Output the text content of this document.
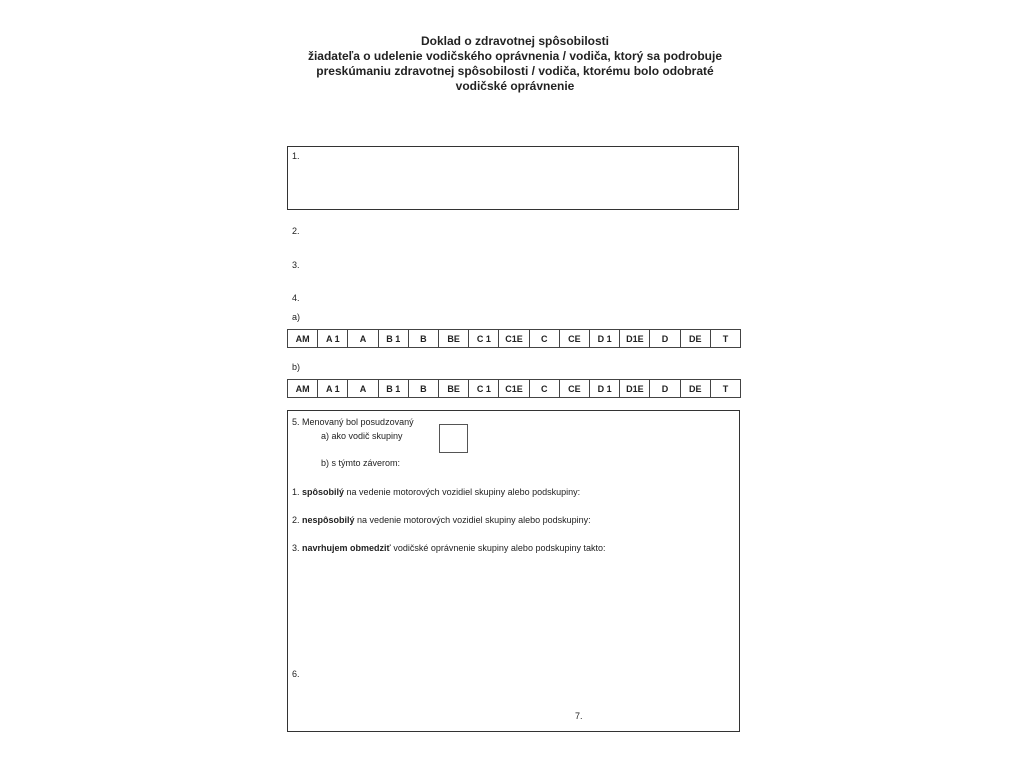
Doklad o zdravotnej spôsobilosti
žiadateľa o udelenie vodičského oprávnenia / vodiča, ktorý sa podrobuje
preskúmaniu zdravotnej spôsobilosti / vodiča, ktorému bolo odobraté
vodičské oprávnenie
1.
2.
3.
4.
a)
AM	A 1	A	B 1	B	BE	C 1	C1E	C	CE	D 1	D1E	D	DE	T
b)
AM	A 1	A	B 1	B	BE	C 1	C1E	C	CE	D 1	D1E	D	DE	T
5. Menovaný bol posudzovaný
a) ako vodič skupiny
b) s týmto záverom:
1. spôsobilý na vedenie motorových vozidiel skupiny alebo podskupiny:
2. nespôsobilý na vedenie motorových vozidiel skupiny alebo podskupiny:
3. navrhujem obmedziť vodičské oprávnenie skupiny alebo podskupiny takto:
6.
7.
